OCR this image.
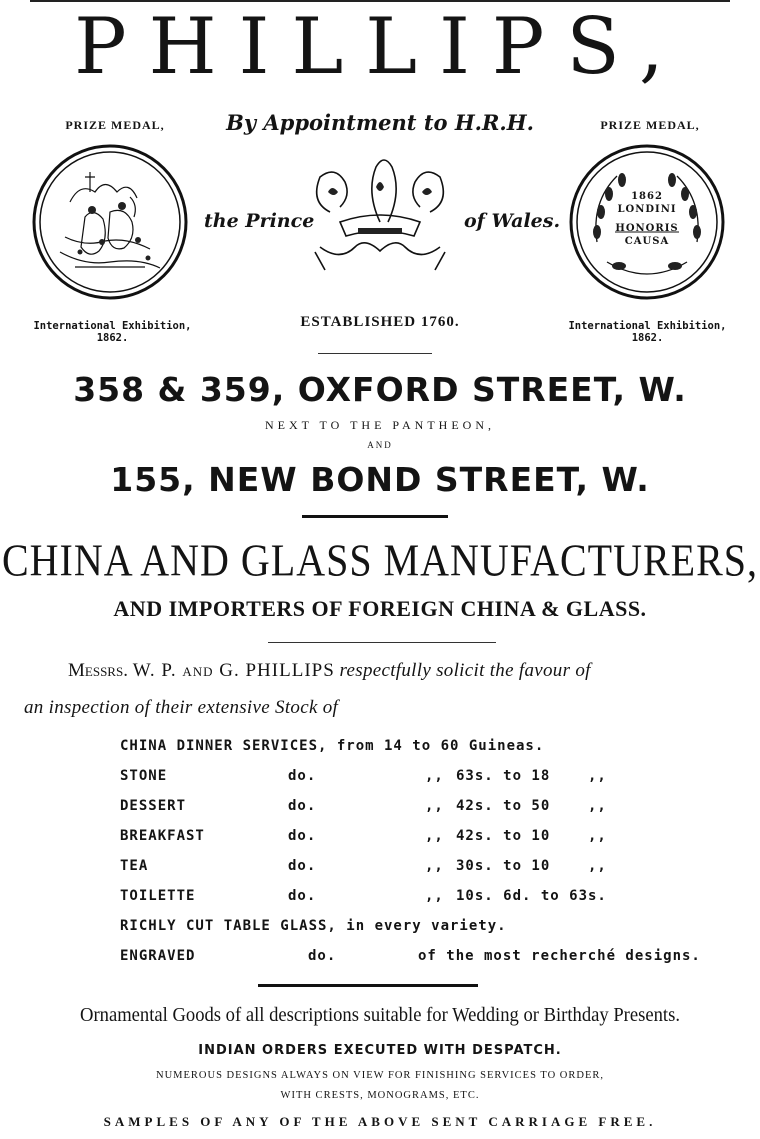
PHILLIPS,
PRIZE MEDAL,	PRIZE MEDAL,
By Appointment to H.R.H.
1862
LONDINI
HONORIS
CAUSA
the Prince	of Wales.
International Exhibition,
1862.
International Exhibition,
1862.
ESTABLISHED 1760.
358 & 359, OXFORD STREET, W.
NEXT TO THE PANTHEON,
AND
155, NEW BOND STREET, W.
CHINA AND GLASS MANUFACTURERS,
AND IMPORTERS OF FOREIGN CHINA & GLASS.
Messrs. W. P. and G. PHILLIPS respectfully solicit the favour of
an inspection of their extensive Stock of
CHINA DINNER SERVICES, from 14 to 60 Guineas.
STONE	do.	,, 63s. to 18	,,
DESSERT	do.	,, 42s. to 50	,,
BREAKFAST	do.	,, 42s. to 10	,,
TEA	do.	,, 30s. to 10	,,
TOILETTE	do.	,, 10s. 6d. to 63s.
RICHLY CUT TABLE GLASS, in every variety.
ENGRAVED	do.	of the most recherché designs.
Ornamental Goods of all descriptions suitable for Wedding or Birthday Presents.
INDIAN ORDERS EXECUTED WITH DESPATCH.
NUMEROUS DESIGNS ALWAYS ON VIEW FOR FINISHING SERVICES TO ORDER,
WITH CRESTS, MONOGRAMS, ETC.
SAMPLES OF ANY OF THE ABOVE SENT CARRIAGE FREE.
